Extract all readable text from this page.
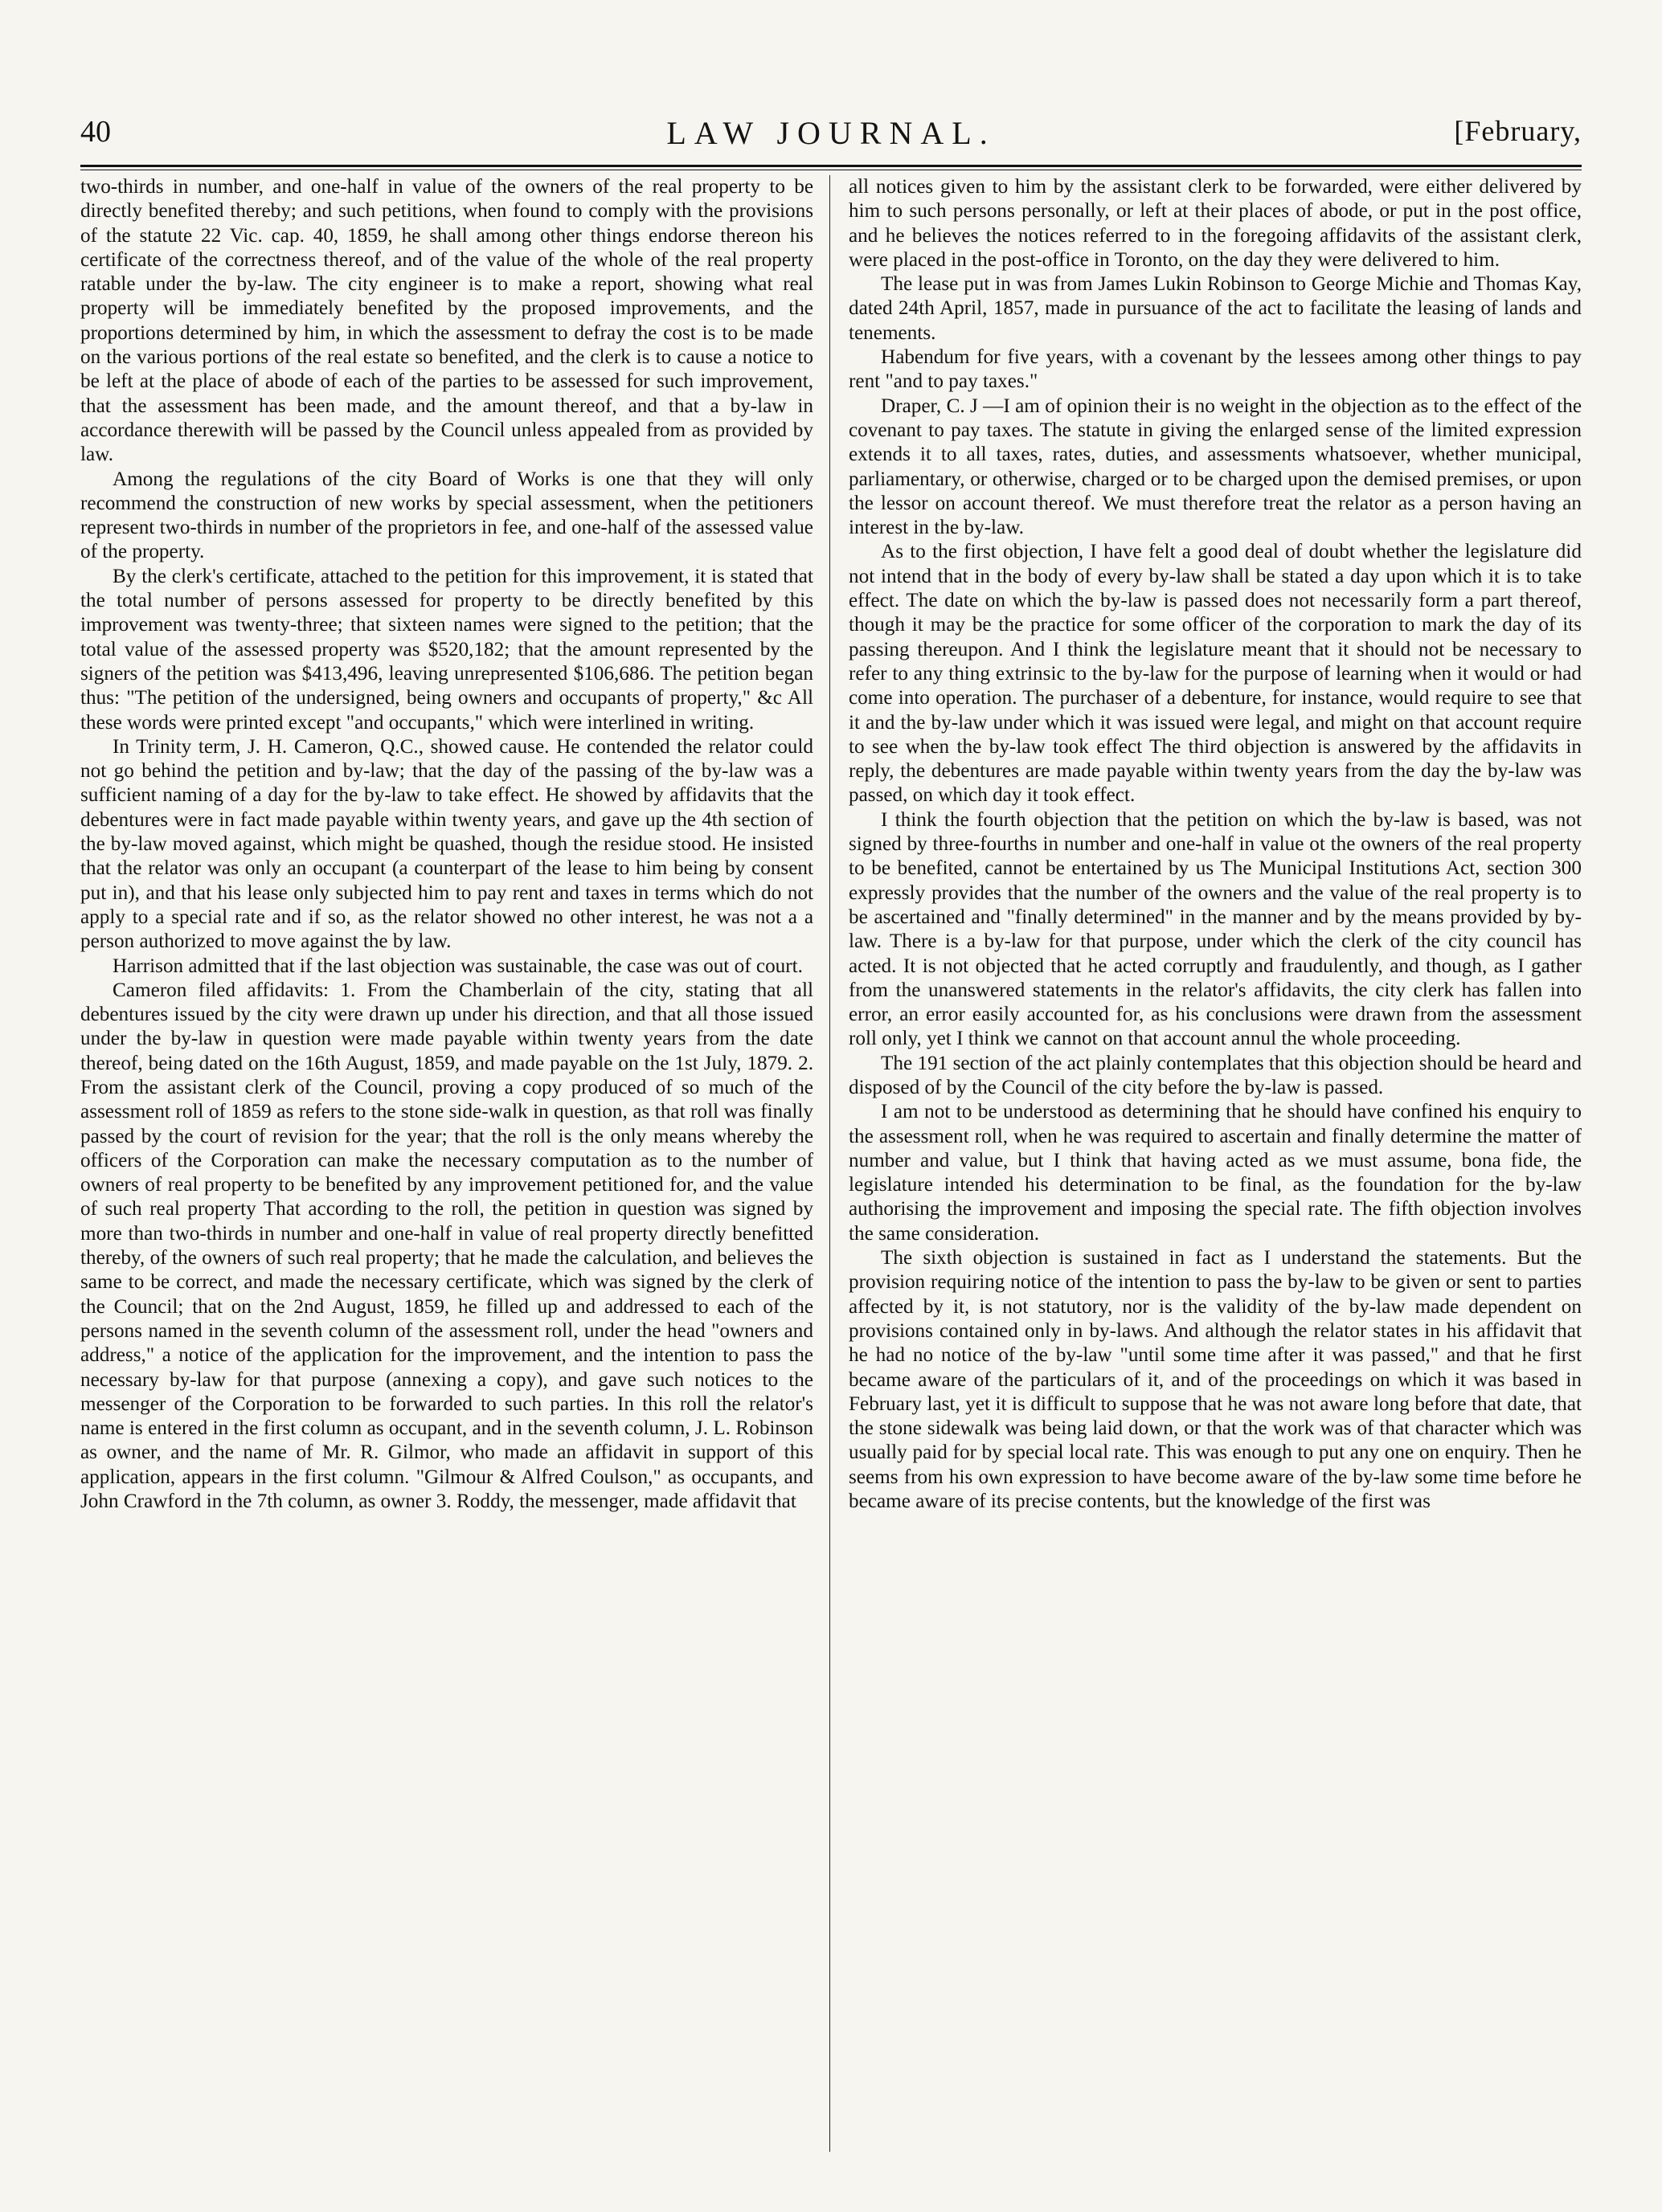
40	LAW JOURNAL.	[February,

two-thirds in number, and one-half in value of the owners of the real property to be directly benefited thereby; and such petitions, when found to comply with the provisions of the statute 22 Vic. cap. 40, 1859, he shall among other things endorse thereon his certificate of the correctness thereof, and of the value of the whole of the real property ratable under the by-law. The city engineer is to make a report, showing what real property will be immediately benefited by the proposed improvements, and the proportions determined by him, in which the assessment to defray the cost is to be made on the various portions of the real estate so benefited, and the clerk is to cause a notice to be left at the place of abode of each of the parties to be assessed for such improvement, that the assessment has been made, and the amount thereof, and that a by-law in accordance therewith will be passed by the Council unless appealed from as provided by law.

Among the regulations of the city Board of Works is one that they will only recommend the construction of new works by special assessment, when the petitioners represent two-thirds in number of the proprietors in fee, and one-half of the assessed value of the property.

By the clerk's certificate, attached to the petition for this improvement, it is stated that the total number of persons assessed for property to be directly benefited by this improvement was twenty-three; that sixteen names were signed to the petition; that the total value of the assessed property was $520,182; that the amount represented by the signers of the petition was $413,496, leaving unrepresented $106,686. The petition began thus: "The petition of the undersigned, being owners and occupants of property," &c All these words were printed except "and occupants," which were interlined in writing.

In Trinity term, J. H. Cameron, Q.C., showed cause. He contended the relator could not go behind the petition and by-law; that the day of the passing of the by-law was a sufficient naming of a day for the by-law to take effect. He showed by affidavits that the debentures were in fact made payable within twenty years, and gave up the 4th section of the by-law moved against, which might be quashed, though the residue stood. He insisted that the relator was only an occupant (a counterpart of the lease to him being by consent put in), and that his lease only subjected him to pay rent and taxes in terms which do not apply to a special rate and if so, as the relator showed no other interest, he was not a a person authorized to move against the by law.

Harrison admitted that if the last objection was sustainable, the case was out of court.

Cameron filed affidavits: 1. From the Chamberlain of the city, stating that all debentures issued by the city were drawn up under his direction, and that all those issued under the by-law in question were made payable within twenty years from the date thereof, being dated on the 16th August, 1859, and made payable on the 1st July, 1879. 2. From the assistant clerk of the Council, proving a copy produced of so much of the assessment roll of 1859 as refers to the stone side-walk in question, as that roll was finally passed by the court of revision for the year; that the roll is the only means whereby the officers of the Corporation can make the necessary computation as to the number of owners of real property to be benefited by any improvement petitioned for, and the value of such real property That according to the roll, the petition in question was signed by more than two-thirds in number and one-half in value of real property directly benefitted thereby, of the owners of such real property; that he made the calculation, and believes the same to be correct, and made the necessary certificate, which was signed by the clerk of the Council; that on the 2nd August, 1859, he filled up and addressed to each of the persons named in the seventh column of the assessment roll, under the head "owners and address," a notice of the application for the improvement, and the intention to pass the necessary by-law for that purpose (annexing a copy), and gave such notices to the messenger of the Corporation to be forwarded to such parties. In this roll the relator's name is entered in the first column as occupant, and in the seventh column, J. L. Robinson as owner, and the name of Mr. R. Gilmor, who made an affidavit in support of this application, appears in the first column. "Gilmour & Alfred Coulson," as occupants, and John Crawford in the 7th column, as owner 3. Roddy, the messenger, made affidavit that

all notices given to him by the assistant clerk to be forwarded, were either delivered by him to such persons personally, or left at their places of abode, or put in the post office, and he believes the notices referred to in the foregoing affidavits of the assistant clerk, were placed in the post-office in Toronto, on the day they were delivered to him.

The lease put in was from James Lukin Robinson to George Michie and Thomas Kay, dated 24th April, 1857, made in pursuance of the act to facilitate the leasing of lands and tenements.

Habendum for five years, with a covenant by the lessees among other things to pay rent "and to pay taxes."

Draper, C. J —I am of opinion their is no weight in the objection as to the effect of the covenant to pay taxes. The statute in giving the enlarged sense of the limited expression extends it to all taxes, rates, duties, and assessments whatsoever, whether municipal, parliamentary, or otherwise, charged or to be charged upon the demised premises, or upon the lessor on account thereof. We must therefore treat the relator as a person having an interest in the by-law.

As to the first objection, I have felt a good deal of doubt whether the legislature did not intend that in the body of every by-law shall be stated a day upon which it is to take effect. The date on which the by-law is passed does not necessarily form a part thereof, though it may be the practice for some officer of the corporation to mark the day of its passing thereupon. And I think the legislature meant that it should not be necessary to refer to any thing extrinsic to the by-law for the purpose of learning when it would or had come into operation. The purchaser of a debenture, for instance, would require to see that it and the by-law under which it was issued were legal, and might on that account require to see when the by-law took effect The third objection is answered by the affidavits in reply, the debentures are made payable within twenty years from the day the by-law was passed, on which day it took effect.

I think the fourth objection that the petition on which the by-law is based, was not signed by three-fourths in number and one-half in value ot the owners of the real property to be benefited, cannot be entertained by us The Municipal Institutions Act, section 300 expressly provides that the number of the owners and the value of the real property is to be ascertained and "finally determined" in the manner and by the means provided by by-law. There is a by-law for that purpose, under which the clerk of the city council has acted. It is not objected that he acted corruptly and fraudulently, and though, as I gather from the unanswered statements in the relator's affidavits, the city clerk has fallen into error, an error easily accounted for, as his conclusions were drawn from the assessment roll only, yet I think we cannot on that account annul the whole proceeding.

The 191 section of the act plainly contemplates that this objection should be heard and disposed of by the Council of the city before the by-law is passed.

I am not to be understood as determining that he should have confined his enquiry to the assessment roll, when he was required to ascertain and finally determine the matter of number and value, but I think that having acted as we must assume, bona fide, the legislature intended his determination to be final, as the foundation for the by-law authorising the improvement and imposing the special rate. The fifth objection involves the same consideration.

The sixth objection is sustained in fact as I understand the statements. But the provision requiring notice of the intention to pass the by-law to be given or sent to parties affected by it, is not statutory, nor is the validity of the by-law made dependent on provisions contained only in by-laws. And although the relator states in his affidavit that he had no notice of the by-law "until some time after it was passed," and that he first became aware of the particulars of it, and of the proceedings on which it was based in February last, yet it is difficult to suppose that he was not aware long before that date, that the stone sidewalk was being laid down, or that the work was of that character which was usually paid for by special local rate. This was enough to put any one on enquiry. Then he seems from his own expression to have become aware of the by-law some time before he became aware of its precise contents, but the knowledge of the first was
